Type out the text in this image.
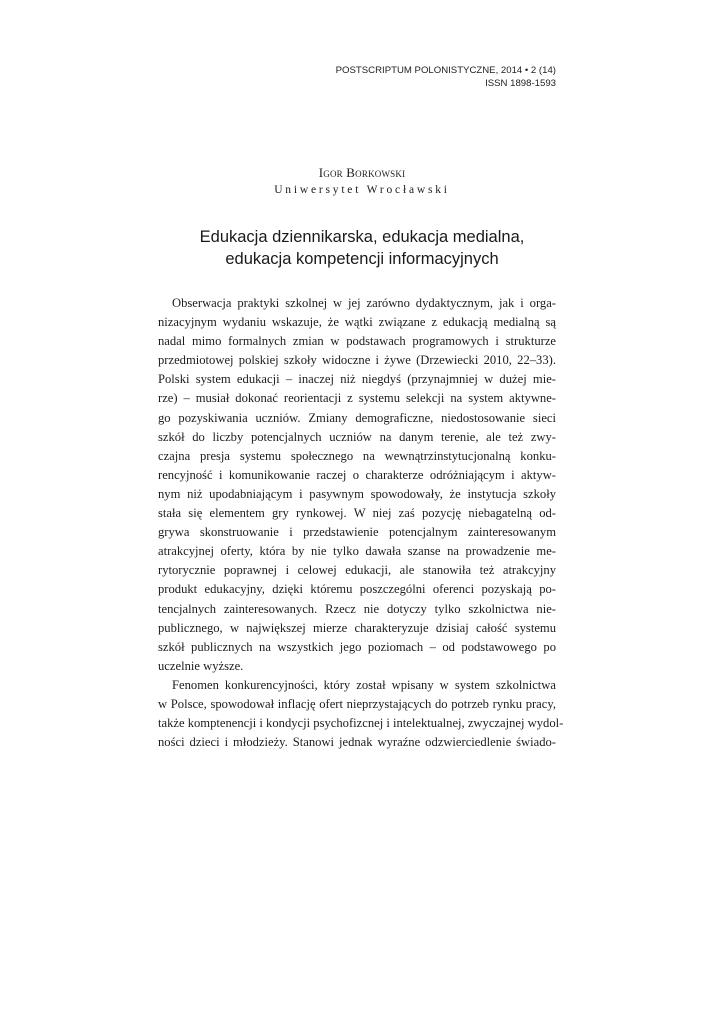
POSTSCRIPTUM POLONISTYCZNE, 2014 • 2 (14)
ISSN 1898-1593
Igor Borkowski
Uniwersytet Wrocławski
Edukacja dziennikarska, edukacja medialna,
edukacja kompetencji informacyjnych
Obserwacja praktyki szkolnej w jej zarówno dydaktycznym, jak i orga-
nizacyjnym wydaniu wskazuje, że wątki związane z edukacją medialną są
nadal mimo formalnych zmian w podstawach programowych i strukturze
przedmiotowej polskiej szkoły widoczne i żywe (Drzewiecki 2010, 22–33).
Polski system edukacji – inaczej niż niegdyś (przynajmniej w dużej mie-
rze) – musiał dokonać reorientacji z systemu selekcji na system aktywne-
go pozyskiwania uczniów. Zmiany demograficzne, niedostosowanie sieci
szkół do liczby potencjalnych uczniów na danym terenie, ale też zwy-
czajna presja systemu społecznego na wewnątrzinstytucjonalną konku-
rencyjność i komunikowanie raczej o charakterze odróżniającym i aktyw-
nym niż upodabniającym i pasywnym spowodowały, że instytucja szkoły
stała się elementem gry rynkowej. W niej zaś pozycję niebagatelną od-
grywa skonstruowanie i przedstawienie potencjalnym zainteresowanym
atrakcyjnej oferty, która by nie tylko dawała szanse na prowadzenie me-
rytorycznie poprawnej i celowej edukacji, ale stanowiła też atrakcyjny
produkt edukacyjny, dzięki któremu poszczególni oferenci pozyskają po-
tencjalnych zainteresowanych. Rzecz nie dotyczy tylko szkolnictwa nie-
publicznego, w największej mierze charakteryzuje dzisiaj całość systemu
szkół publicznych na wszystkich jego poziomach – od podstawowego po
uczelnie wyższe.
Fenomen konkurencyjności, który został wpisany w system szkolnictwa
w Polsce, spowodował inflację ofert nieprzystających do potrzeb rynku pracy,
także komptenencji i kondycji psychofizcnej i intelektualnej, zwyczajnej wydol-
ności dzieci i młodzieży. Stanowi jednak wyraźne odzwierciedlenie świado-
